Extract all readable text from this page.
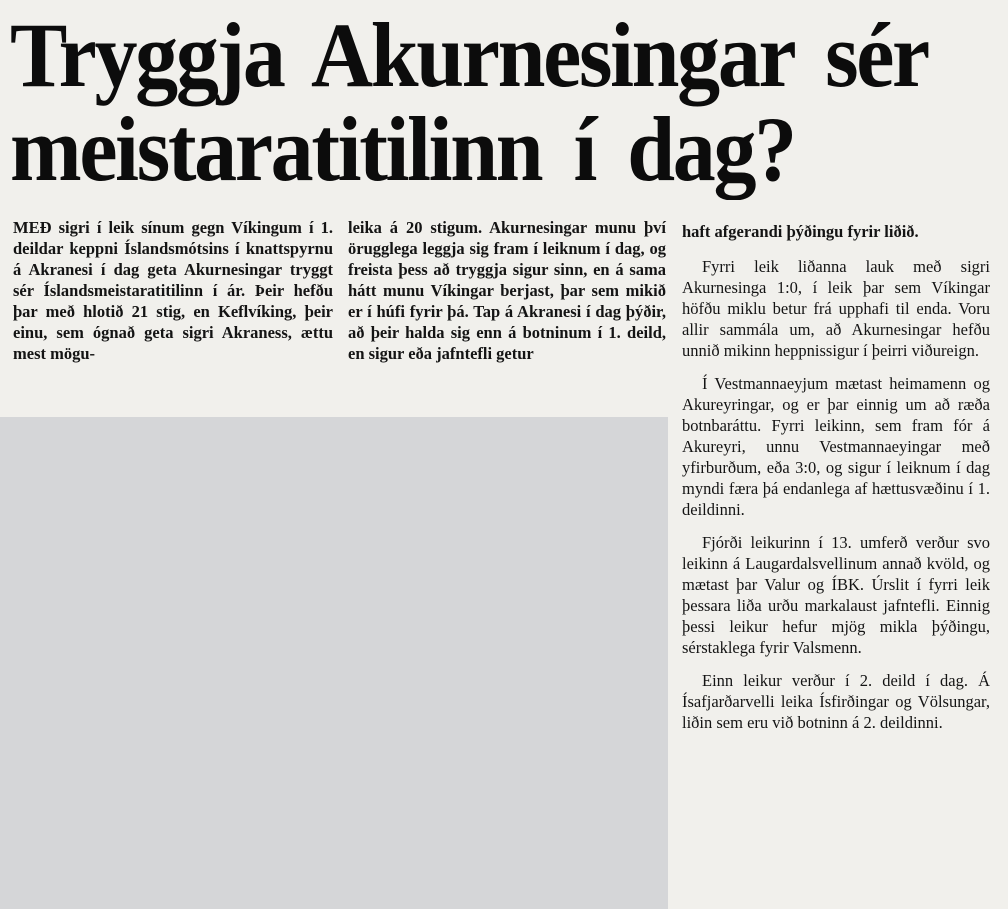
Tryggja Akurnesingar sér meistaratitilinn í dag?

MEÐ sigri í leik sínum gegn Víkingum í 1. deildar keppni Íslandsmótsins í knattspyrnu á Akranesi í dag geta Akurnesingar tryggt sér Íslandsmeistaratitilinn í ár. Þeir hefðu þar með hlotið 21 stig, en Keflvíking, þeir einu, sem ógnað geta sigri Akraness, ættu mest mögu-

leika á 20 stigum. Akurnesingar munu því örugglega leggja sig fram í leiknum í dag, og freista þess að tryggja sigur sinn, en á sama hátt munu Víkingar berjast, þar sem mikið er í húfi fyrir þá. Tap á Akranesi í dag þýðir, að þeir halda sig enn á botninum í 1. deild, en sigur eða jafntefli getur

haft afgerandi þýðingu fyrir liðið.

Fyrri leik liðanna lauk með sigri Akurnesinga 1:0, í leik þar sem Víkingar höfðu miklu betur frá upphafi til enda. Voru allir sammála um, að Akurnesingar hefðu unnið mikinn heppnissigur í þeirri viðureign.

Í Vestmannaeyjum mætast heimamenn og Akureyringar, og er þar einnig um að ræða botnbaráttu. Fyrri leikinn, sem fram fór á Akureyri, unnu Vestmannaeyingar með yfirburðum, eða 3:0, og sigur í leiknum í dag myndi færa þá endanlega af hættusvæðinu í 1. deildinni.

Fjórði leikurinn í 13. umferð verður svo leikinn á Laugardalsvellinum annað kvöld, og mætast þar Valur og ÍBK. Úrslit í fyrri leik þessara liða urðu markalaust jafntefli. Einnig þessi leikur hefur mjög mikla þýðingu, sérstaklega fyrir Valsmenn.

Einn leikur verður í 2. deild í dag. Á Ísafjarðarvelli leika Ísfirðingar og Völsungar, liðin sem eru við botninn á 2. deildinni.
